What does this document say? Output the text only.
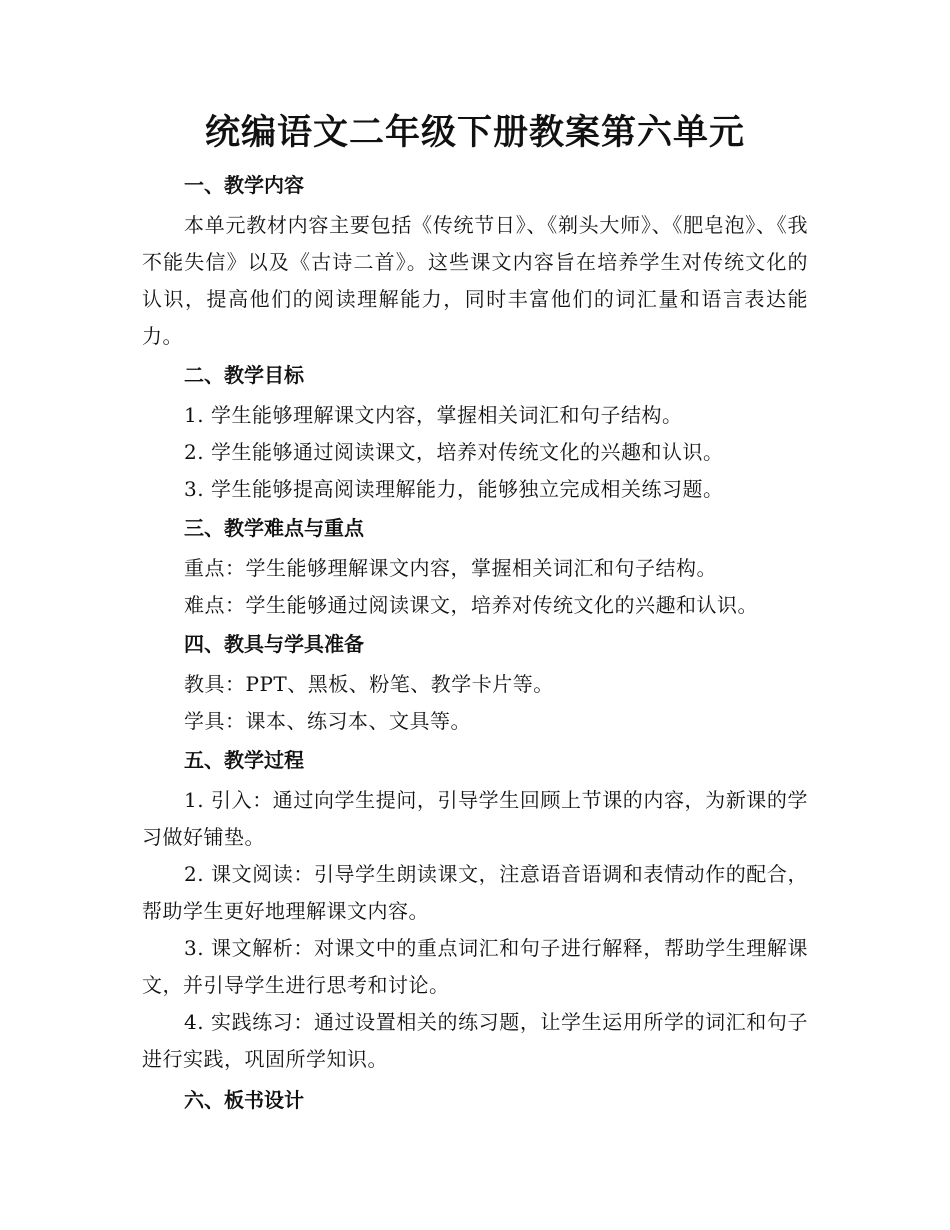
统编语文二年级下册教案第六单元
一、教学内容
本单元教材内容主要包括《传统节日》、《剃头大师》、《肥皂泡》、《我不能失信》以及《古诗二首》。这些课文内容旨在培养学生对传统文化的认识，提高他们的阅读理解能力，同时丰富他们的词汇量和语言表达能力。
二、教学目标
1. 学生能够理解课文内容，掌握相关词汇和句子结构。
2. 学生能够通过阅读课文，培养对传统文化的兴趣和认识。
3. 学生能够提高阅读理解能力，能够独立完成相关练习题。
三、教学难点与重点
重点：学生能够理解课文内容，掌握相关词汇和句子结构。
难点：学生能够通过阅读课文，培养对传统文化的兴趣和认识。
四、教具与学具准备
教具：PPT、黑板、粉笔、教学卡片等。
学具：课本、练习本、文具等。
五、教学过程
1. 引入：通过向学生提问，引导学生回顾上节课的内容，为新课的学习做好铺垫。
2. 课文阅读：引导学生朗读课文，注意语音语调和表情动作的配合，帮助学生更好地理解课文内容。
3. 课文解析：对课文中的重点词汇和句子进行解释，帮助学生理解课文，并引导学生进行思考和讨论。
4. 实践练习：通过设置相关的练习题，让学生运用所学的词汇和句子进行实践，巩固所学知识。
六、板书设计
